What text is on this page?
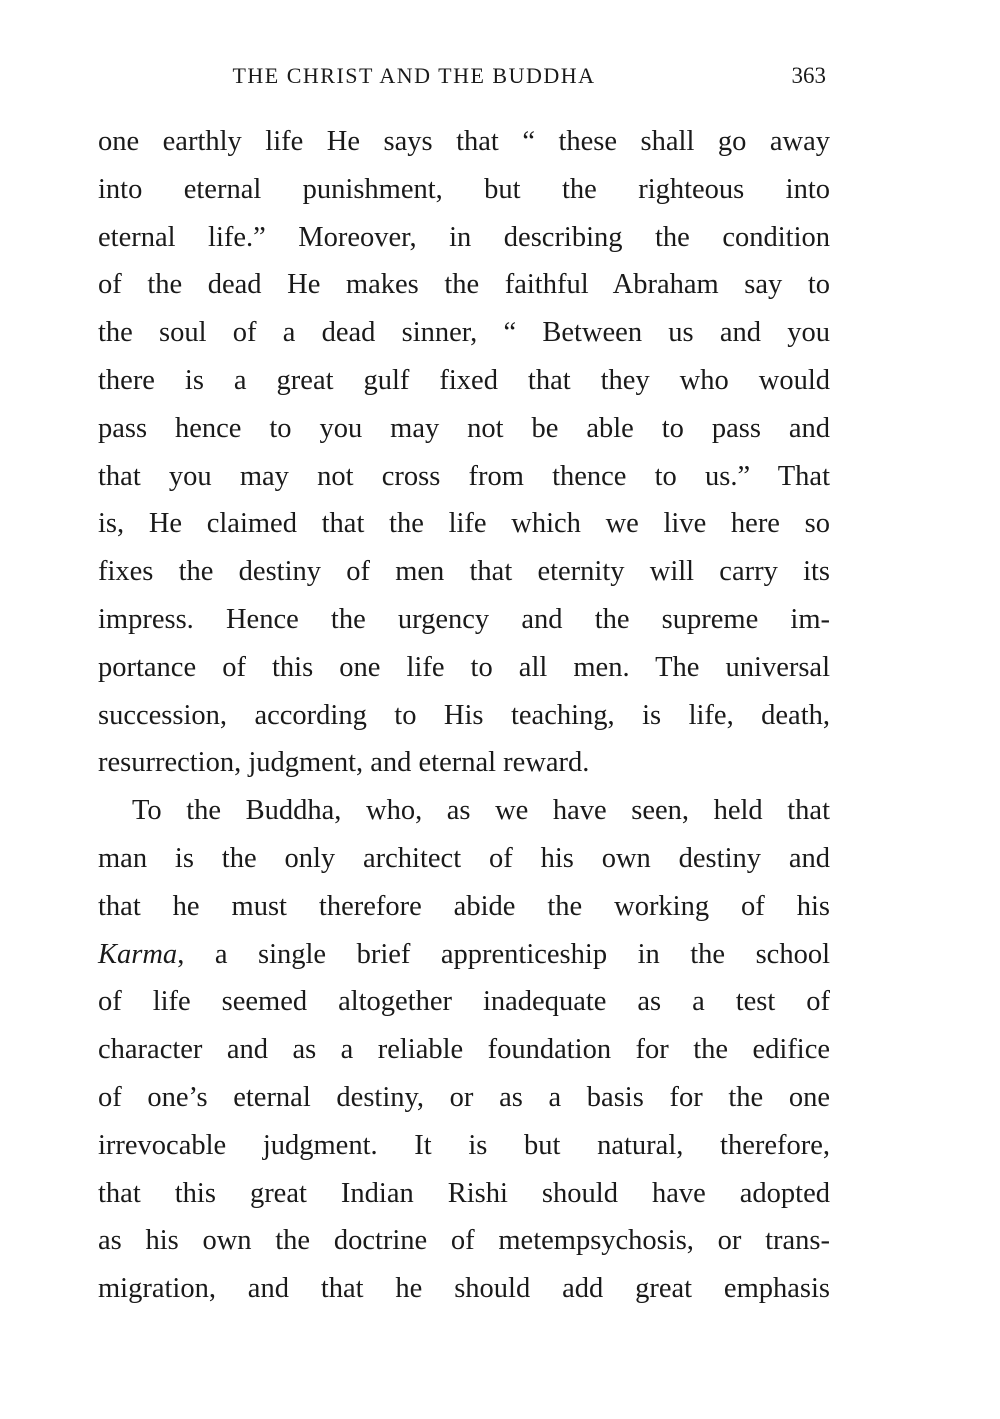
THE CHRIST AND THE BUDDHA	363
one earthly life He says that “ these shall go away
into eternal punishment, but the righteous into
eternal life.” Moreover, in describing the condition
of the dead He makes the faithful Abraham say to
the soul of a dead sinner, “ Between us and you
there is a great gulf fixed that they who would
pass hence to you may not be able to pass and
that you may not cross from thence to us.” That
is, He claimed that the life which we live here so
fixes the destiny of men that eternity will carry its
impress. Hence the urgency and the supreme im-
portance of this one life to all men. The universal
succession, according to His teaching, is life, death,
resurrection, judgment, and eternal reward.
To the Buddha, who, as we have seen, held that
man is the only architect of his own destiny and
that he must therefore abide the working of his
Karma, a single brief apprenticeship in the school
of life seemed altogether inadequate as a test of
character and as a reliable foundation for the edifice
of one’s eternal destiny, or as a basis for the one
irrevocable judgment. It is but natural, therefore,
that this great Indian Rishi should have adopted
as his own the doctrine of metempsychosis, or trans-
migration, and that he should add great emphasis
